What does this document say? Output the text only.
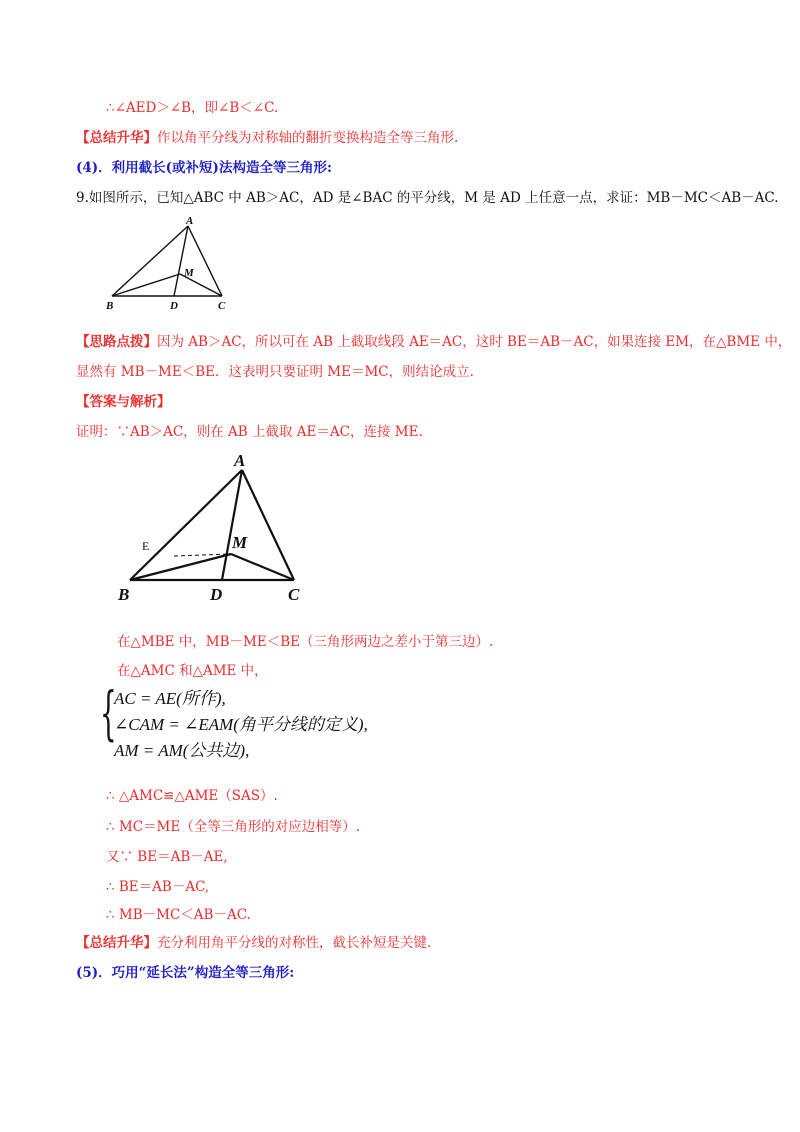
∴∠AED＞∠B，即∠B＜∠C.
【总结升华】作以角平分线为对称轴的翻折变换构造全等三角形.
(4)．利用截长(或补短)法构造全等三角形:
9.如图所示，已知△ABC 中 AB＞AC，AD 是∠BAC 的平分线，M 是 AD 上任意一点，求证：MB－MC＜AB－AC.
A
M
B	D	C
【思路点拨】因为 AB＞AC，所以可在 AB 上截取线段 AE＝AC，这时 BE＝AB－AC，如果连接 EM，在△BME 中，
显然有 MB－ME＜BE．这表明只要证明 ME＝MC，则结论成立.
【答案与解析】
证明：∵AB＞AC，则在 AB 上截取 AE＝AC，连接 ME.
A
M
B	D	C
E
在△MBE 中，MB－ME＜BE（三角形两边之差小于第三边）.
在△AMC 和△AME 中，
{
AC = AE(所作),
∠CAM = ∠EAM(角平分线的定义),
AM = AM(公共边),
∴ △AMC≌△AME（SAS）.
∴ MC＝ME（全等三角形的对应边相等）.
又∵ BE＝AB－AE,
∴ BE＝AB－AC,
∴ MB－MC＜AB－AC.
【总结升华】充分利用角平分线的对称性，截长补短是关键.
(5)．巧用“延长法”构造全等三角形:
